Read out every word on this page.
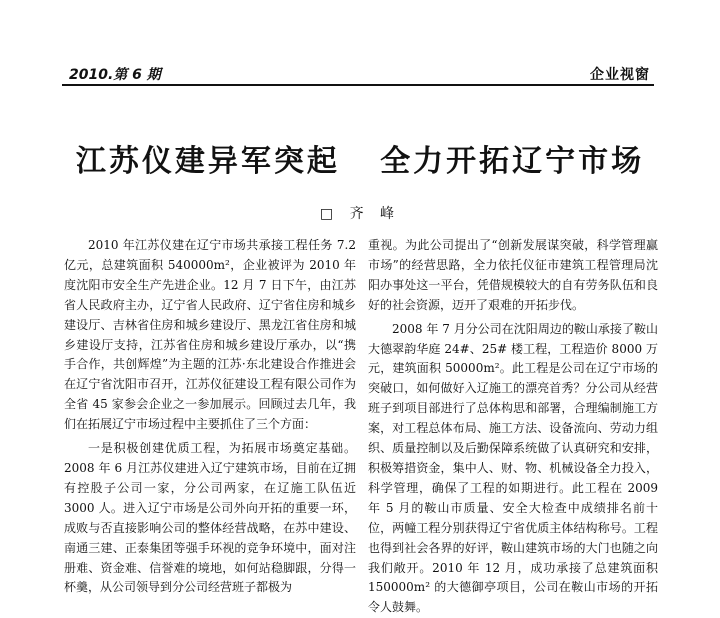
2010.第 6 期	企业视窗
江苏仪建异军突起   全力开拓辽宁市场
□ 齐 峰

2010 年江苏仪建在辽宁市场共承接工程任务 7.2 亿元，总建筑面积 540000m²，企业被评为 2010 年度沈阳市安全生产先进企业。12 月 7 日下午，由江苏省人民政府主办，辽宁省人民政府、辽宁省住房和城乡建设厅、吉林省住房和城乡建设厅、黑龙江省住房和城乡建设厅支持，江苏省住房和城乡建设厅承办，以“携手合作，共创辉煌”为主题的江苏·东北建设合作推进会在辽宁省沈阳市召开，江苏仪征建设工程有限公司作为全省 45 家参会企业之一参加展示。回顾过去几年，我们在拓展辽宁市场过程中主要抓住了三个方面：

一是积极创建优质工程，为拓展市场奠定基础。2008 年 6 月江苏仪建进入辽宁建筑市场，目前在辽拥有控股子公司一家，分公司两家，在辽施工队伍近 3000 人。进入辽宁市场是公司外向开拓的重要一环，成败与否直接影响公司的整体经营战略，在苏中建设、南通三建、正泰集团等强手环视的竞争环境中，面对注册难、资金难、信誉难的境地，如何站稳脚跟，分得一杯羹，从公司领导到分公司经营班子都极为

重视。为此公司提出了“创新发展谋突破，科学管理赢市场”的经营思路，全力依托仪征市建筑工程管理局沈阳办事处这一平台，凭借规模较大的自有劳务队伍和良好的社会资源，迈开了艰难的开拓步伐。

2008 年 7 月分公司在沈阳周边的鞍山承接了鞍山大德翠韵华庭 24#、25# 楼工程，工程造价 8000 万元，建筑面积 50000m²。此工程是公司在辽宁市场的突破口，如何做好入辽施工的漂亮首秀？分公司从经营班子到项目部进行了总体构思和部署，合理编制施工方案，对工程总体布局、施工方法、设备流向、劳动力组织、质量控制以及后勤保障系统做了认真研究和安排，积极筹措资金，集中人、财、物、机械设备全力投入，科学管理，确保了工程的如期进行。此工程在 2009 年 5 月的鞍山市质量、安全大检查中成绩排名前十位，两幢工程分别获得辽宁省优质主体结构称号。工程也得到社会各界的好评，鞍山建筑市场的大门也随之向我们敞开。2010 年 12 月，成功承接了总建筑面积 150000m² 的大德御亭项目，公司在鞍山市场的开拓令人鼓舞。
